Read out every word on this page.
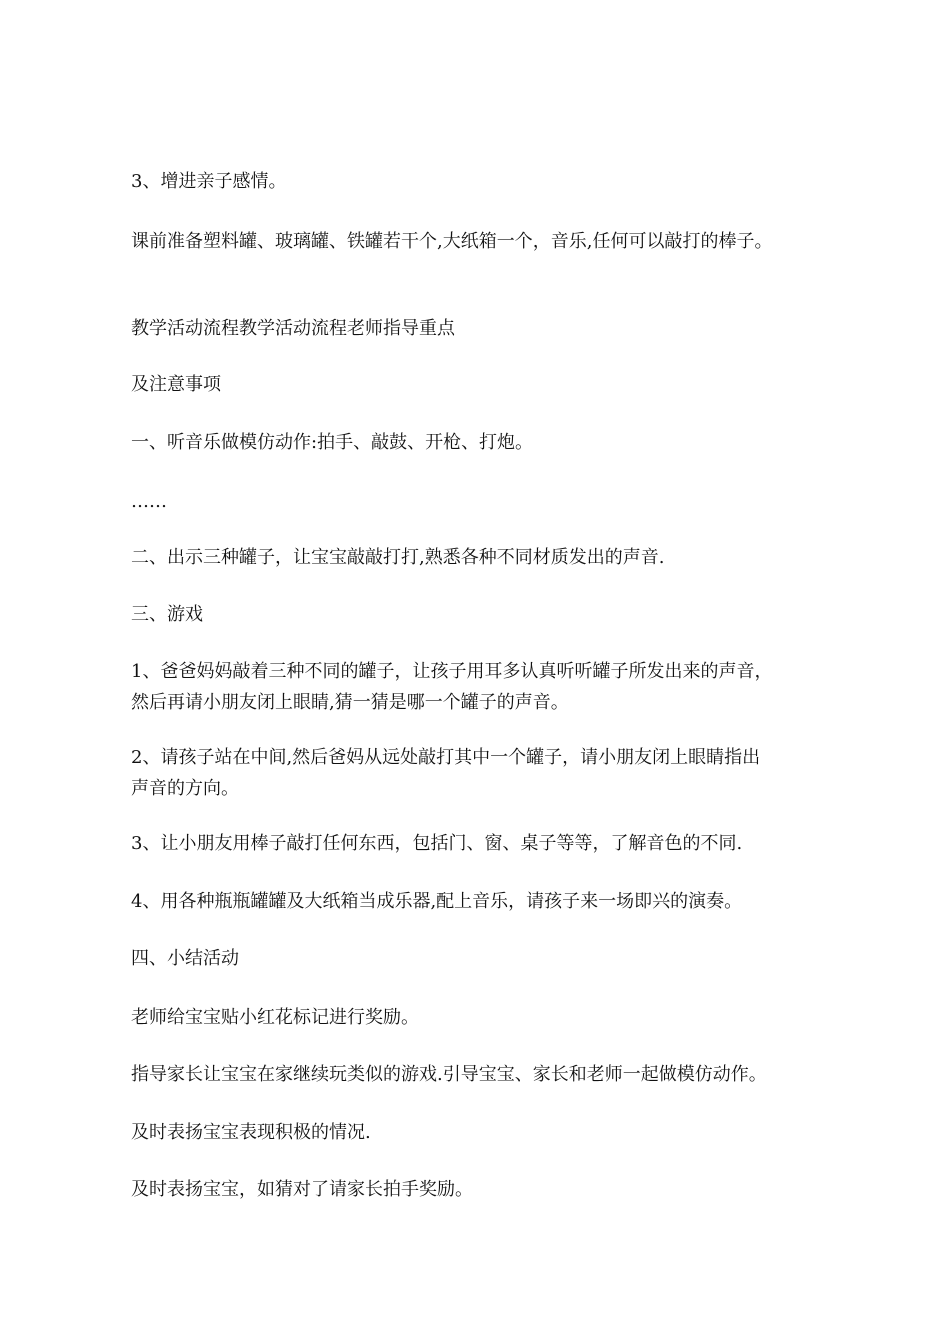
3、增进亲子感情。

课前准备塑料罐、玻璃罐、铁罐若干个,大纸箱一个，音乐,任何可以敲打的棒子。

教学活动流程教学活动流程老师指导重点

及注意事项

一、听音乐做模仿动作:拍手、敲鼓、开枪、打炮。

……

二、出示三种罐子，让宝宝敲敲打打,熟悉各种不同材质发出的声音.

三、游戏

1、爸爸妈妈敲着三种不同的罐子，让孩子用耳多认真听听罐子所发出来的声音，
然后再请小朋友闭上眼睛,猜一猜是哪一个罐子的声音。

2、请孩子站在中间,然后爸妈从远处敲打其中一个罐子，请小朋友闭上眼睛指出
声音的方向。

3、让小朋友用棒子敲打任何东西，包括门、窗、桌子等等，了解音色的不同.

4、用各种瓶瓶罐罐及大纸箱当成乐器,配上音乐，请孩子来一场即兴的演奏。

四、小结活动

老师给宝宝贴小红花标记进行奖励。

指导家长让宝宝在家继续玩类似的游戏.引导宝宝、家长和老师一起做模仿动作。

及时表扬宝宝表现积极的情况.

及时表扬宝宝，如猜对了请家长拍手奖励。
